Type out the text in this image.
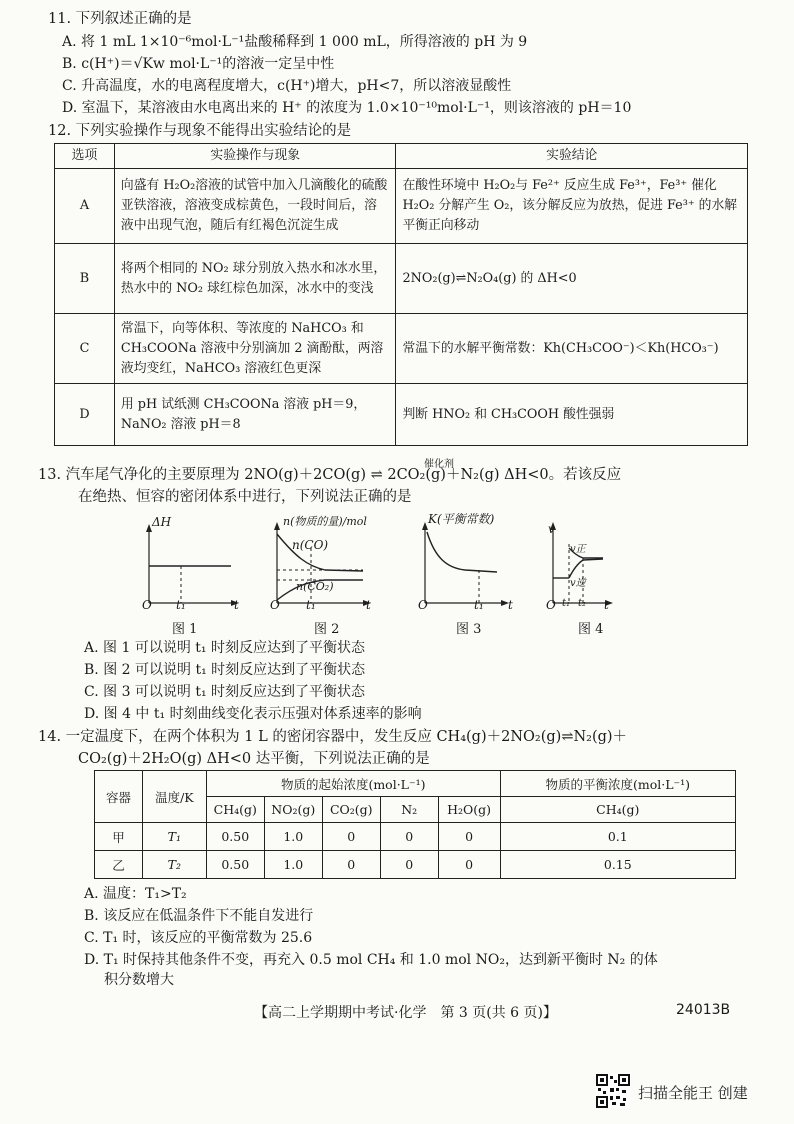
11. 下列叙述正确的是
A. 将 1 mL 1×10⁻⁶mol·L⁻¹盐酸稀释到 1 000 mL，所得溶液的 pH 为 9
B. c(H⁺)＝√Kw mol·L⁻¹的溶液一定呈中性
C. 升高温度，水的电离程度增大，c(H⁺)增大，pH<7，所以溶液显酸性
D. 室温下，某溶液由水电离出来的 H⁺ 的浓度为 1.0×10⁻¹⁰mol·L⁻¹，则该溶液的 pH＝10
12. 下列实验操作与现象不能得出实验结论的是
选项	实验操作与现象	实验结论
A	向盛有 H₂O₂溶液的试管中加入几滴酸化的硫酸亚铁溶液，溶液变成棕黄色，一段时间后，溶液中出现气泡，随后有红褐色沉淀生成	在酸性环境中 H₂O₂与 Fe²⁺ 反应生成 Fe³⁺，Fe³⁺ 催化 H₂O₂ 分解产生 O₂，该分解反应为放热，促进 Fe³⁺ 的水解平衡正向移动
B	将两个相同的 NO₂ 球分别放入热水和冰水里，热水中的 NO₂ 球红棕色加深，冰水中的变浅	2NO₂(g)⇌N₂O₄(g) 的 ΔH<0
C	常温下，向等体积、等浓度的 NaHCO₃ 和 CH₃COONa 溶液中分别滴加 2 滴酚酞，两溶液均变红，NaHCO₃ 溶液红色更深	常温下的水解平衡常数：Kh(CH₃COO⁻)＜Kh(HCO₃⁻)
D	用 pH 试纸测 CH₃COONa 溶液 pH＝9，NaNO₂ 溶液 pH＝8	判断 HNO₂ 和 CH₃COOH 酸性强弱
13. 汽车尾气净化的主要原理为 2NO(g)＋2CO(g) ⇌ 2CO₂(g)＋N₂(g) ΔH<0。若该反应
催化剂
在绝热、恒容的密闭体系中进行，下列说法正确的是
ΔH
O t₁	t
图 1
n(物质的量)/mol
n(CO)
n(CO₂)
O t₁	t
图 2
K(平衡常数)
O	t₁ t
图 3
v
v正
v逆
O t₁ t₂ t
图 4
A. 图 1 可以说明 t₁ 时刻反应达到了平衡状态
B. 图 2 可以说明 t₁ 时刻反应达到了平衡状态
C. 图 3 可以说明 t₁ 时刻反应达到了平衡状态
D. 图 4 中 t₁ 时刻曲线变化表示压强对体系速率的影响
14. 一定温度下，在两个体积为 1 L 的密闭容器中，发生反应 CH₄(g)＋2NO₂(g)⇌N₂(g)＋
CO₂(g)＋2H₂O(g) ΔH<0 达平衡，下列说法正确的是
容器	温度/K	物质的起始浓度(mol·L⁻¹)					物质的平衡浓度(mol·L⁻¹)
		CH₄(g)	NO₂(g)	CO₂(g)	N₂	H₂O(g)	CH₄(g)
甲	T₁	0.50	1.0	0	0	0	0.1
乙	T₂	0.50	1.0	0	0	0	0.15
A. 温度：T₁>T₂
B. 该反应在低温条件下不能自发进行
C. T₁ 时，该反应的平衡常数为 25.6
D. T₁ 时保持其他条件不变，再充入 0.5 mol CH₄ 和 1.0 mol NO₂，达到新平衡时 N₂ 的体
积分数增大
【高二上学期期中考试·化学　第 3 页(共 6 页)】	24013B
扫描全能王 创建
